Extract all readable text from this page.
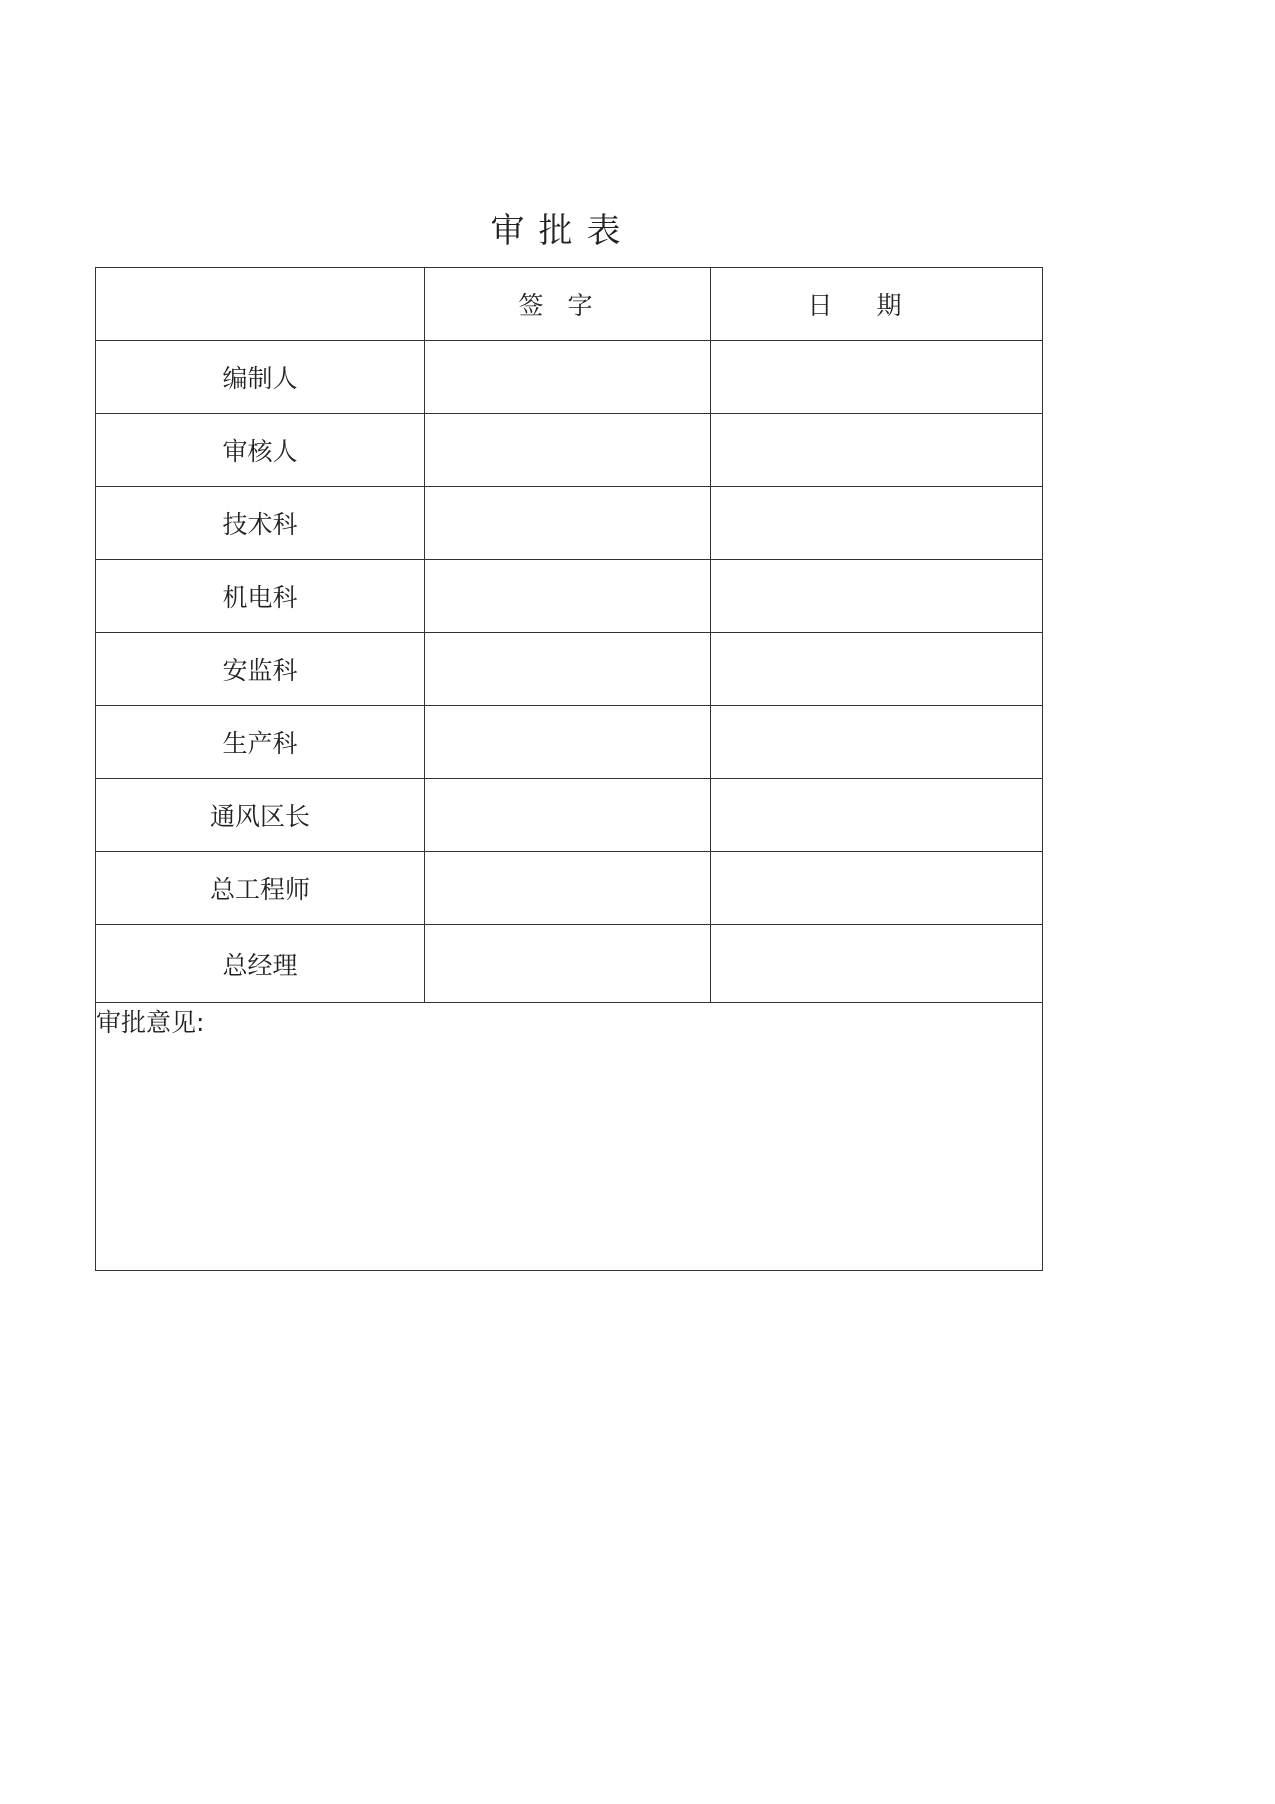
审批表
	签字	日期
编制人		
审核人		
技术科		
机电科		
安监科		
生产科		
通风区长		
总工程师		
总经理		
审批意见:		
